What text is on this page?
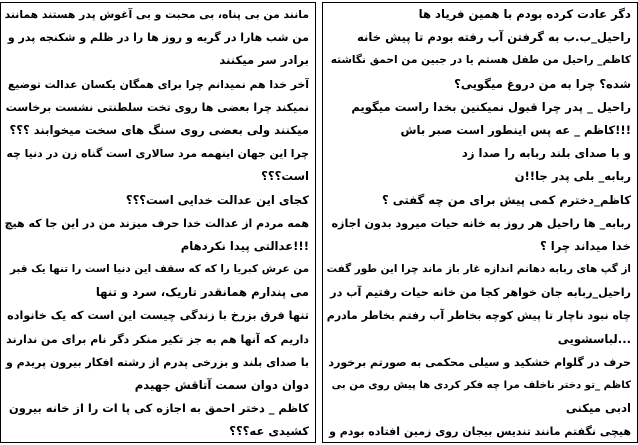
دگر عادت کرده بودم با همین فریاد ها
راحیل_ب.ب به گرفتن آب رفته بودم تا پیش خانه
کاظم_ راحیل من طفل هستم یا در جبین من احمق نگاشته
شده؟ چرا به من دروغ میگویی؟
راحیل _ پدر چرا قبول نمیکنین بخدا راست میگویم
!!!کاظم _ عه پس اینطور است صبر باش
و با صدای بلند ربابه را صدا زد
ربابه_ بلی پدر جا!!ن
کاظم_دخترم کمی پیش برای من چه گفتی ؟
ربابه_ ها راحیل هر روز به خانه حیات میرود بدون اجازه
خدا میداند چرا ؟
از گپ های ربابه دهانم اندازه غار باز ماند چرا این طور گفت
راحیل_ربابه جان خواهر کجا من خانه حیات رفتیم آب در
چاه نبود ناچار تا پیش کوچه بخاطر آب رفتم بخاطر مادرم
...لباسشویی
حرف در گلوام خشکید و سیلی محکمی به صورتم برخورد
کاظم _تو دختر ناخلف مرا چه فکر کردی ها پیش روی من بی
ادبی میکنی
هیچی نگفتم مانند تندیس بیجان روی زمین افتاده بودم و
مانند من بی پناه، بی محبت و بی آغوش پدر هستند همانند
من شب هارا در گریه و روز ها را در ظلم و شکنجه پدر و
برادر سر میکنند
آخر خدا هم نمیدانم چرا برای همگان یکسان عدالت توضیع
نمیکند چرا بعضی ها روی تخت سلطنتی نشست برخاست
میکنند ولی بعضی روی سنگ های سخت میخوابند ؟؟؟
چرا این جهان اینهمه مرد سالاری است گناه زن در دنیا چه
است؟؟؟
کجای این عدالت خدایی است؟؟؟
همه مردم از عدالت خدا حرف میزند من در این جا که هیچ
!!!عدالتی پیدا نکردهام
من عرش کبریا را که که سقف این دنیا است را تنها یک قبر
می پندارم همانقدر تاریک، سرد و تنها
تنها فرق بزرخ با زندگی چیست این است که یک خانواده
داریم که آنها هم به جز تکیر منکر دگر نام برای من ندارند
با صدای بلند و بزرخی پدرم از رشته افکار بیرون پریدم و
دوان دوان سمت آتاقش جهیدم
کاظم _ دختر احمق به اجازه کی پا ات را از خانه بیرون
کشیدی عه؟؟؟
